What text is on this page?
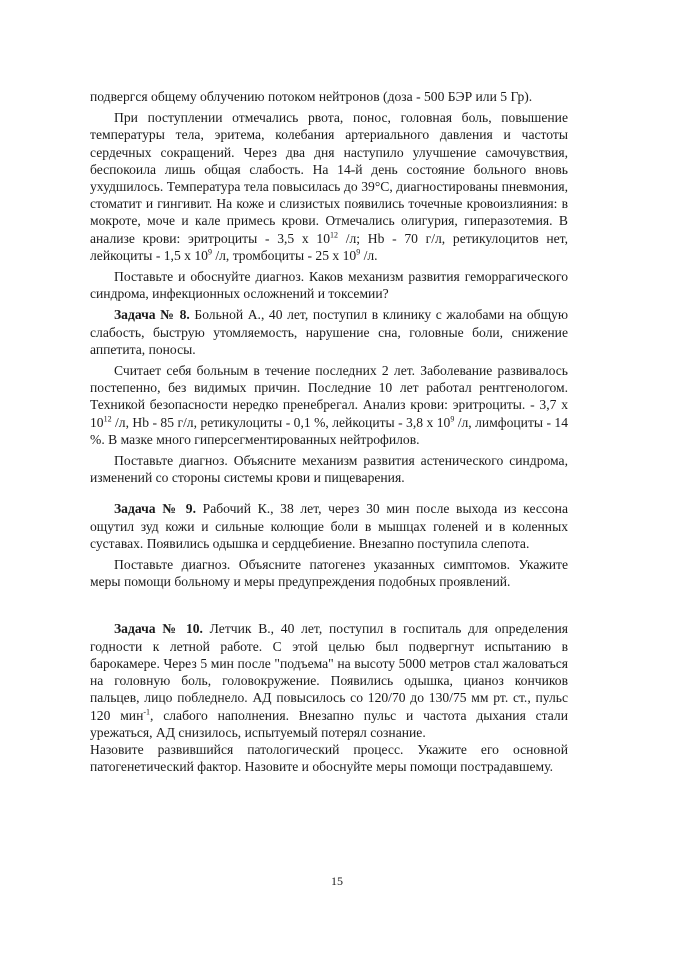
подвергся общему облучению потоком нейтронов (доза - 500 БЭР или 5 Гр).

При поступлении отмечались рвота, понос, головная боль, повышение температуры тела, эритема, колебания артериального давления и частоты сердечных сокращений. Через два дня наступило улучшение самочувствия, беспокоила лишь общая слабость. На 14-й день состояние больного вновь ухудшилось. Температура тела повысилась до 39°С, диагностированы пневмония, стоматит и гингивит. На коже и слизистых появились точечные кровоизлияния: в мокроте, моче и кале примесь крови. Отмечались олигурия, гиперазотемия. В анализе крови: эритроциты - 3,5 х $10^{12}$ /л; Hb - 70 г/л, ретикулоцитов нет, лейкоциты - 1,5 х $10^9$ /л, тромбоциты - 25 х $10^9$ /л.

Поставьте и обоснуйте диагноз. Каков механизм развития геморрагического синдрома, инфекционных осложнений и токсемии?

Задача № 8. Больной А., 40 лет, поступил в клинику с жалобами на общую слабость, быструю утомляемость, нарушение сна, головные боли, снижение аппетита, поносы.

Считает себя больным в течение последних 2 лет. Заболевание развивалось постепенно, без видимых причин. Последние 10 лет работал рентгенологом. Техникой безопасности нередко пренебрегал. Анализ крови: эритроциты. - 3,7 х $10^{12}$ /л, Hb - 85 г/л, ретикулоциты - 0,1 %, лейкоциты - 3,8 х $10^9$ /л, лимфоциты - 14 %. В мазке много гиперсегментированных нейтрофилов.

Поставьте диагноз. Объясните механизм развития астенического синдрома, изменений со стороны системы крови и пищеварения.

Задача № 9. Рабочий К., 38 лет, через 30 мин после выхода из кессона ощутил зуд кожи и сильные колющие боли в мышцах голеней и в коленных суставах. Появились одышка и сердцебиение. Внезапно поступила слепота.

Поставьте диагноз. Объясните патогенез указанных симптомов. Укажите меры помощи больному и меры предупреждения подобных проявлений.

Задача № 10. Летчик В., 40 лет, поступил в госпиталь для определения годности к летной работе. С этой целью был подвергнут испытанию в барокамере. Через 5 мин после "подъема" на высоту 5000 метров стал жаловаться на головную боль, головокружение. Появились одышка, цианоз кончиков пальцев, лицо побледнело. АД повысилось со 120/70 до 130/75 мм рт. ст., пульс 120 мин$^{-1}$, слабого наполнения. Внезапно пульс и частота дыхания стали урежаться, АД снизилось, испытуемый потерял сознание.

Назовите развившийся патологический процесс. Укажите его основной патогенетический фактор. Назовите и обоснуйте меры помощи пострадавшему.

15
